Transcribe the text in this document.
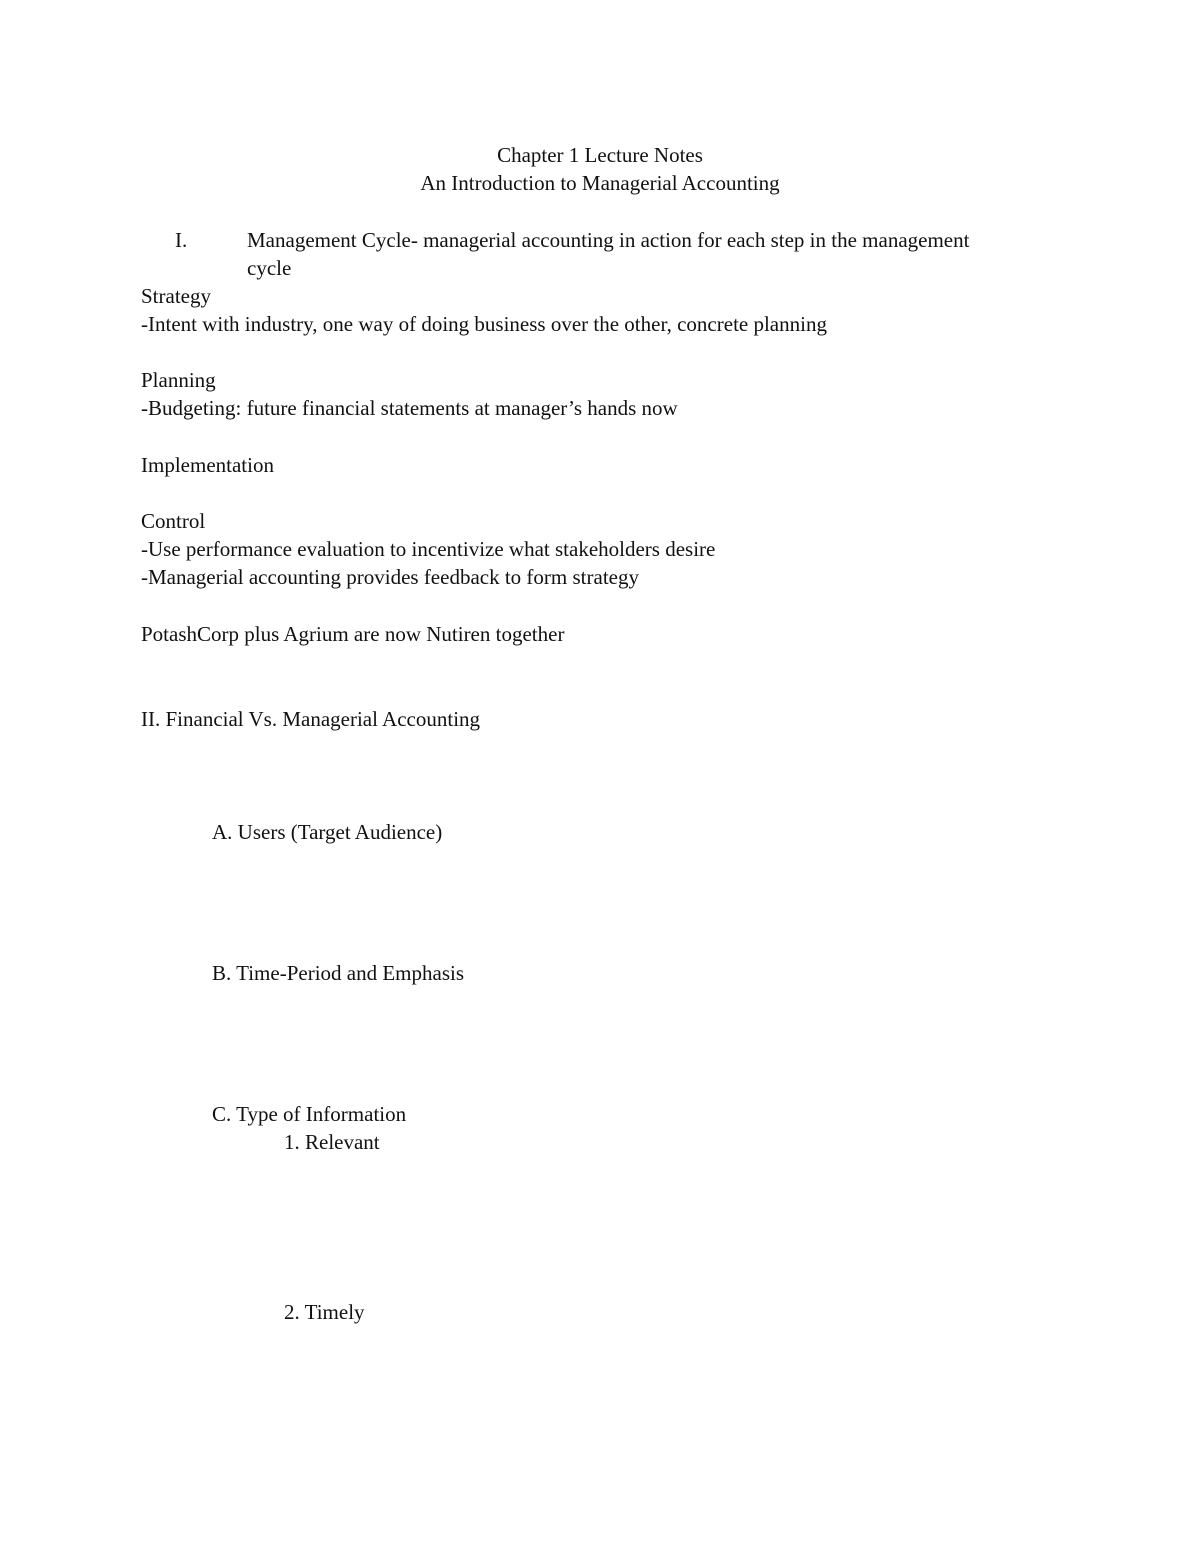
Chapter 1 Lecture Notes
An Introduction to Managerial Accounting
I.	Management Cycle- managerial accounting in action for each step in the management
cycle
Strategy
-Intent with industry, one way of doing business over the other, concrete planning
Planning
-Budgeting: future financial statements at manager’s hands now
Implementation
Control
-Use performance evaluation to incentivize what stakeholders desire
-Managerial accounting provides feedback to form strategy
PotashCorp plus Agrium are now Nutiren together
II. Financial Vs. Managerial Accounting
A. Users (Target Audience)
B. Time-Period and Emphasis
C. Type of Information
1. Relevant
2. Timely
